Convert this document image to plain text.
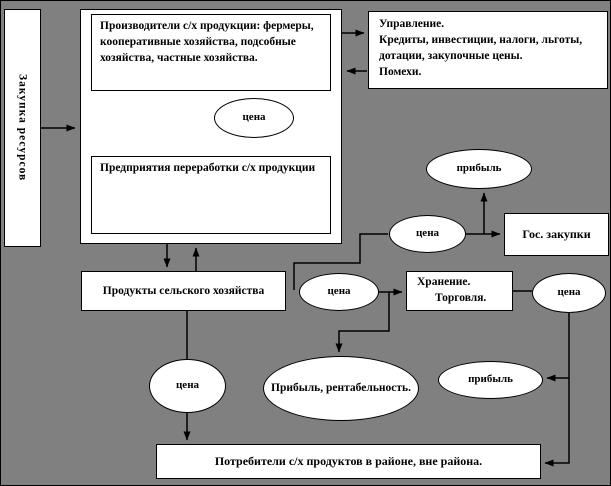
Закупка ресурсов
Производители с/х продукции: фермеры, кооперативные хозяйства, подсобные хозяйства, частные хозяйства.
цена
Предприятия переработки с/х продукции
Управление.
Кредиты, инвестиции, налоги, льготы, дотации, закупочные цены.
Помехи.
прибыль
цена	Гос. закупки
Продукты сельского хозяйства	цена
Хранение.
Торговля.	цена
цена	Прибыль, рентабельность.
прибыль
Потребители с/х продуктов в районе, вне района.
